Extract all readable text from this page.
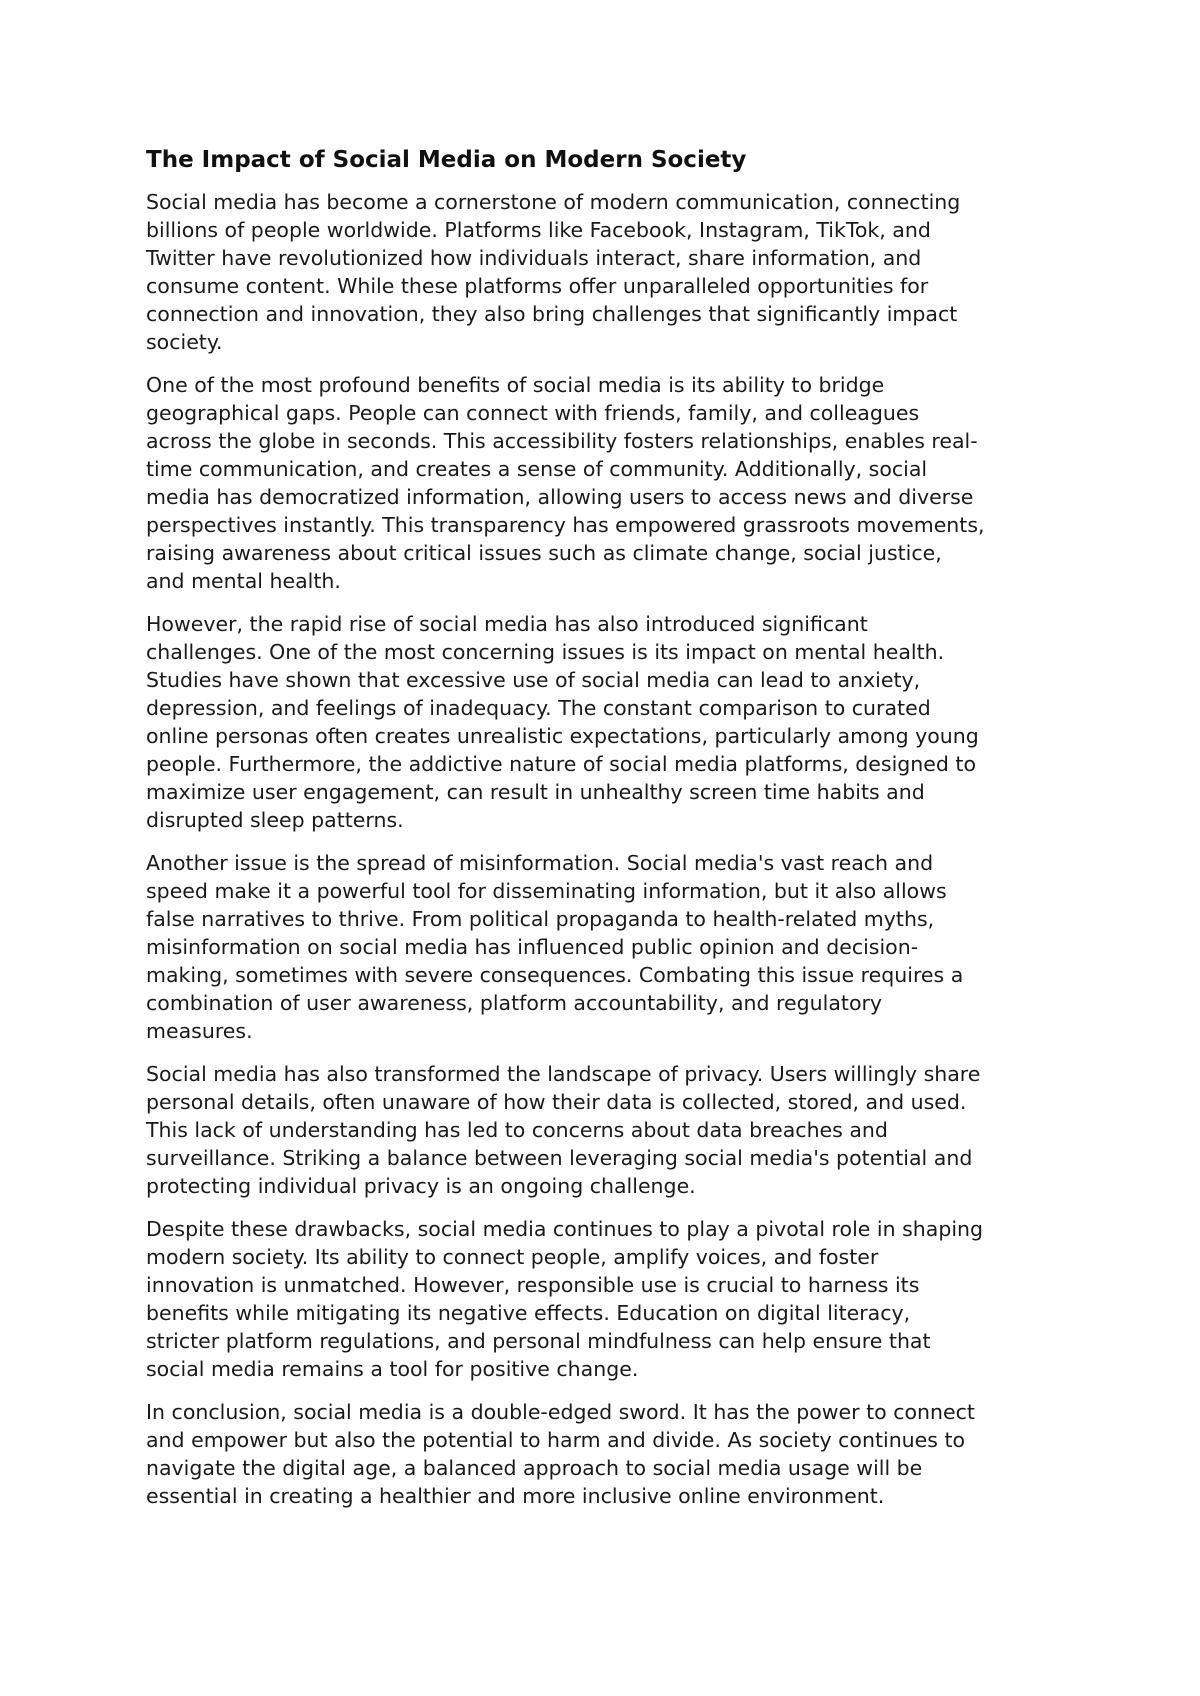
The Impact of Social Media on Modern Society

Social media has become a cornerstone of modern communication, connecting
billions of people worldwide. Platforms like Facebook, Instagram, TikTok, and
Twitter have revolutionized how individuals interact, share information, and
consume content. While these platforms offer unparalleled opportunities for
connection and innovation, they also bring challenges that significantly impact
society.

One of the most profound benefits of social media is its ability to bridge
geographical gaps. People can connect with friends, family, and colleagues
across the globe in seconds. This accessibility fosters relationships, enables real-
time communication, and creates a sense of community. Additionally, social
media has democratized information, allowing users to access news and diverse
perspectives instantly. This transparency has empowered grassroots movements,
raising awareness about critical issues such as climate change, social justice,
and mental health.

However, the rapid rise of social media has also introduced significant
challenges. One of the most concerning issues is its impact on mental health.
Studies have shown that excessive use of social media can lead to anxiety,
depression, and feelings of inadequacy. The constant comparison to curated
online personas often creates unrealistic expectations, particularly among young
people. Furthermore, the addictive nature of social media platforms, designed to
maximize user engagement, can result in unhealthy screen time habits and
disrupted sleep patterns.

Another issue is the spread of misinformation. Social media's vast reach and
speed make it a powerful tool for disseminating information, but it also allows
false narratives to thrive. From political propaganda to health-related myths,
misinformation on social media has influenced public opinion and decision-
making, sometimes with severe consequences. Combating this issue requires a
combination of user awareness, platform accountability, and regulatory
measures.

Social media has also transformed the landscape of privacy. Users willingly share
personal details, often unaware of how their data is collected, stored, and used.
This lack of understanding has led to concerns about data breaches and
surveillance. Striking a balance between leveraging social media's potential and
protecting individual privacy is an ongoing challenge.

Despite these drawbacks, social media continues to play a pivotal role in shaping
modern society. Its ability to connect people, amplify voices, and foster
innovation is unmatched. However, responsible use is crucial to harness its
benefits while mitigating its negative effects. Education on digital literacy,
stricter platform regulations, and personal mindfulness can help ensure that
social media remains a tool for positive change.

In conclusion, social media is a double-edged sword. It has the power to connect
and empower but also the potential to harm and divide. As society continues to
navigate the digital age, a balanced approach to social media usage will be
essential in creating a healthier and more inclusive online environment.
